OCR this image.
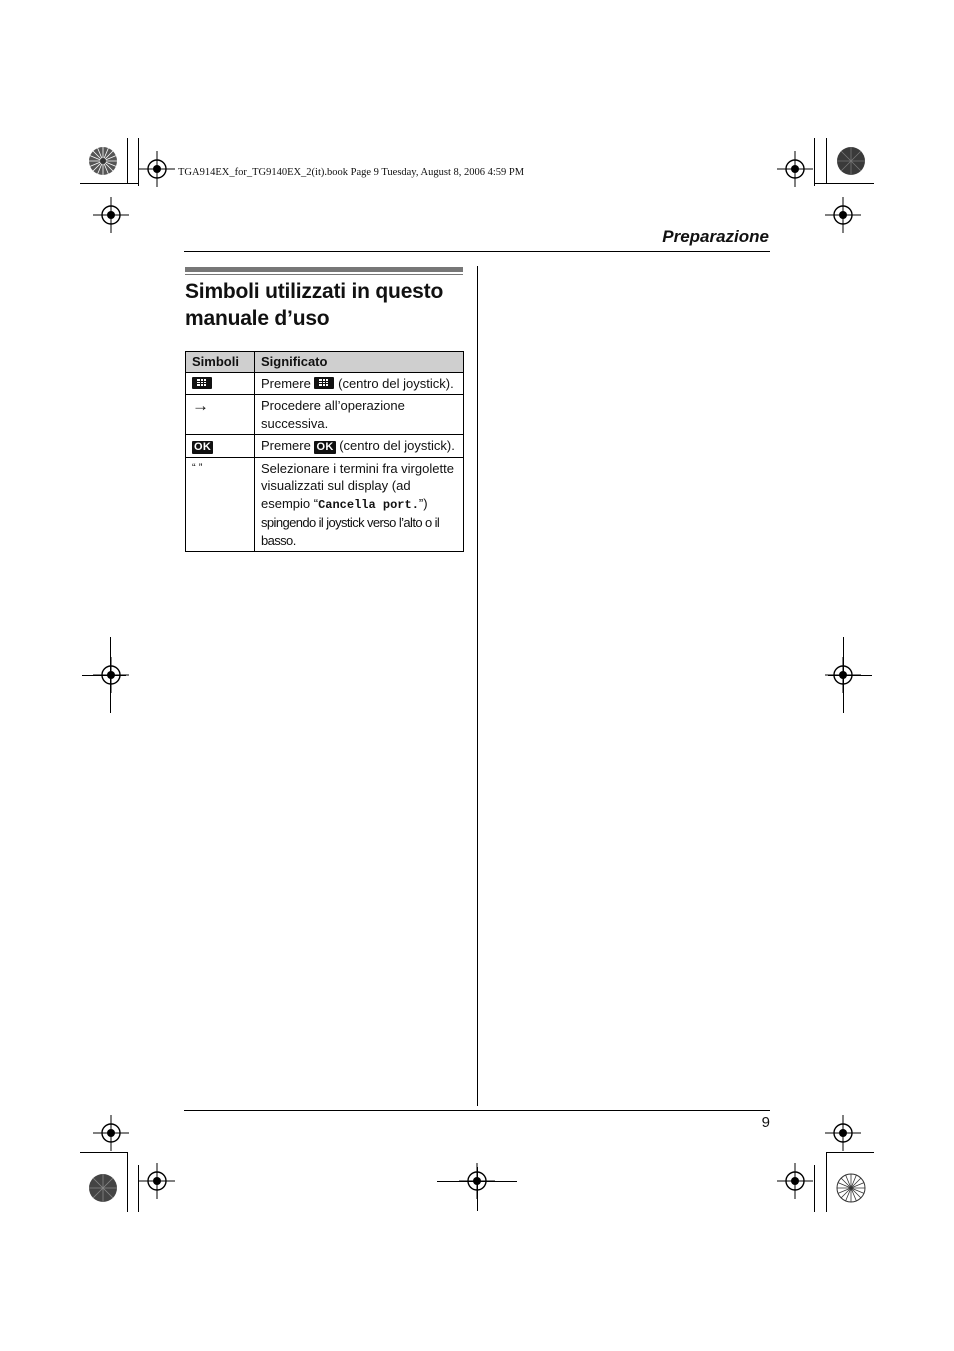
TGA914EX_for_TG9140EX_2(it).book Page 9 Tuesday, August 8, 2006 4:59 PM
Preparazione
Simboli utilizzati in questo
manuale d’uso
Simboli	Significato
	Premere (centro del joystick).
→	Procedere all’operazione successiva.
OK	Premere OK (centro del joystick).
“ ”	Selezionare i termini fra virgolette visualizzati sul display (ad esempio “Cancella port.”) spingendo il joystick verso l’alto o il basso.
9
